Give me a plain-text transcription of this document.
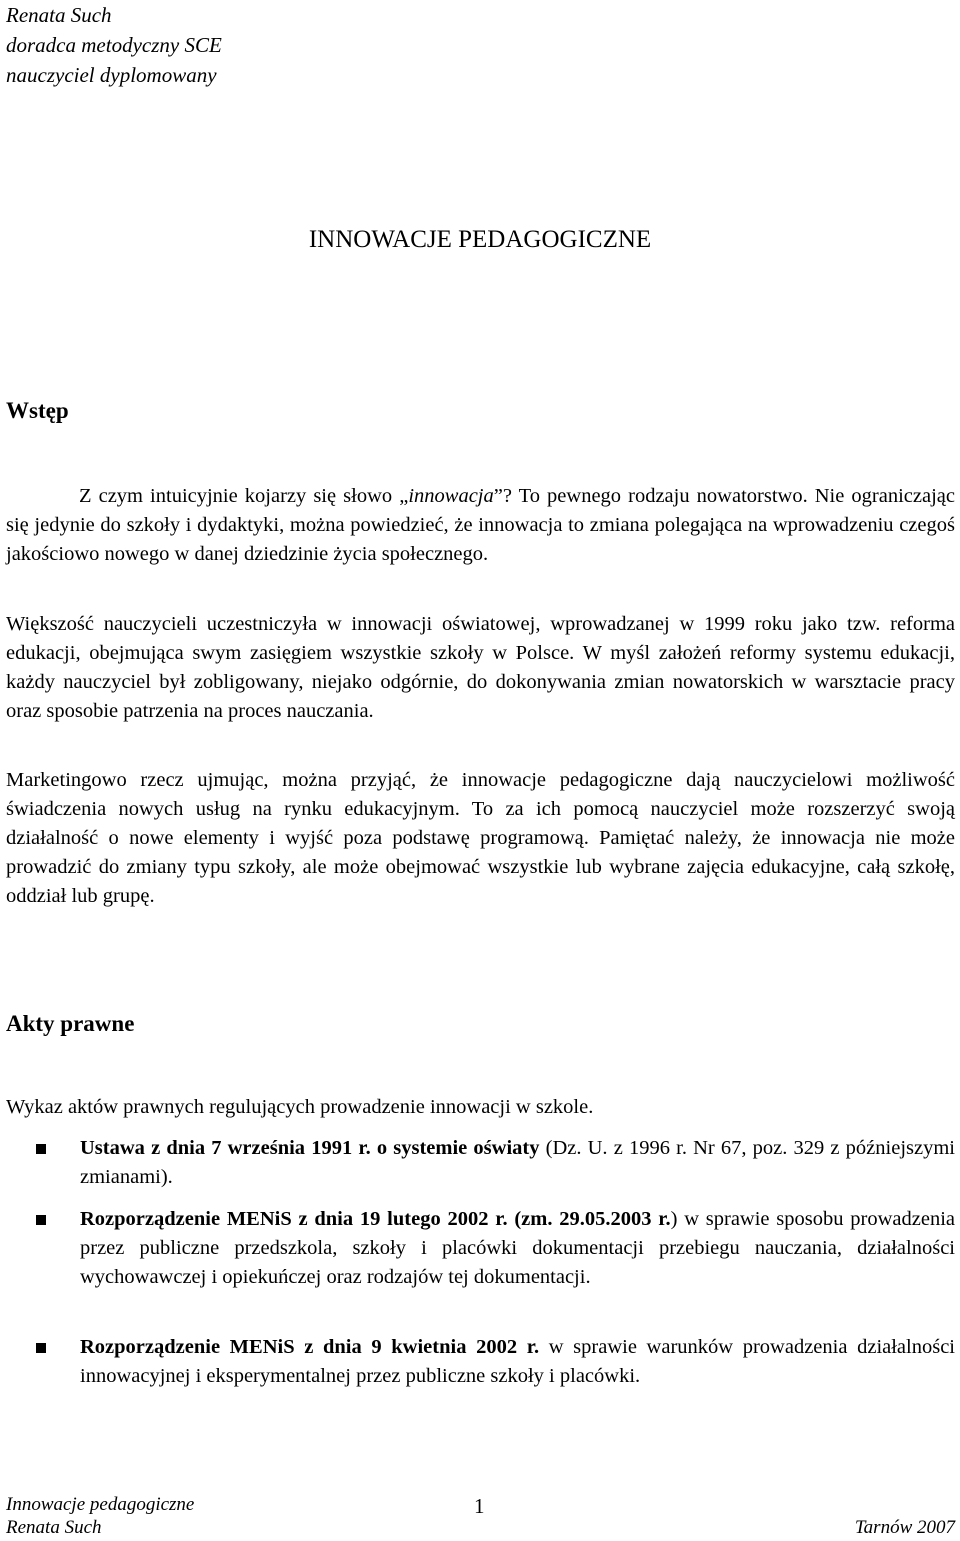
Renata Such
doradca metodyczny SCE
nauczyciel dyplomowany
INNOWACJE PEDAGOGICZNE
Wstęp
Z czym intuicyjnie kojarzy się słowo „innowacja”? To pewnego rodzaju nowatorstwo. Nie ograniczając się jedynie do szkoły i dydaktyki, można powiedzieć, że innowacja to zmiana polegająca na wprowadzeniu czegoś jakościowo nowego w danej dziedzinie życia społecznego.
Większość nauczycieli uczestniczyła w innowacji oświatowej, wprowadzanej w 1999 roku jako tzw. reforma edukacji, obejmująca swym zasięgiem wszystkie szkoły w Polsce. W myśl założeń reformy systemu edukacji, każdy nauczyciel był zobligowany, niejako odgórnie, do dokonywania zmian nowatorskich w warsztacie pracy oraz sposobie patrzenia na proces nauczania.
Marketingowo rzecz ujmując, można przyjąć, że innowacje pedagogiczne dają nauczycielowi możliwość świadczenia nowych usług na rynku edukacyjnym. To za ich pomocą nauczyciel może rozszerzyć swoją działalność o nowe elementy i wyjść poza podstawę programową. Pamiętać należy, że innowacja nie może prowadzić do zmiany typu szkoły, ale może obejmować wszystkie lub wybrane zajęcia edukacyjne, całą szkołę, oddział lub grupę.
Akty prawne
Wykaz aktów prawnych regulujących prowadzenie innowacji w szkole.
Ustawa z dnia 7 września 1991 r. o systemie oświaty (Dz. U. z 1996 r. Nr 67, poz. 329 z późniejszymi zmianami).
Rozporządzenie MENiS z dnia 19 lutego 2002 r. (zm. 29.05.2003 r.) w sprawie sposobu prowadzenia przez publiczne przedszkola, szkoły i placówki dokumentacji przebiegu nauczania, działalności wychowawczej i opiekuńczej oraz rodzajów tej dokumentacji.
Rozporządzenie MENiS z dnia 9 kwietnia 2002 r. w sprawie warunków prowadzenia działalności innowacyjnej i eksperymentalnej przez publiczne szkoły i placówki.
Innowacje pedagogiczne
Renata Such
1
Tarnów 2007
